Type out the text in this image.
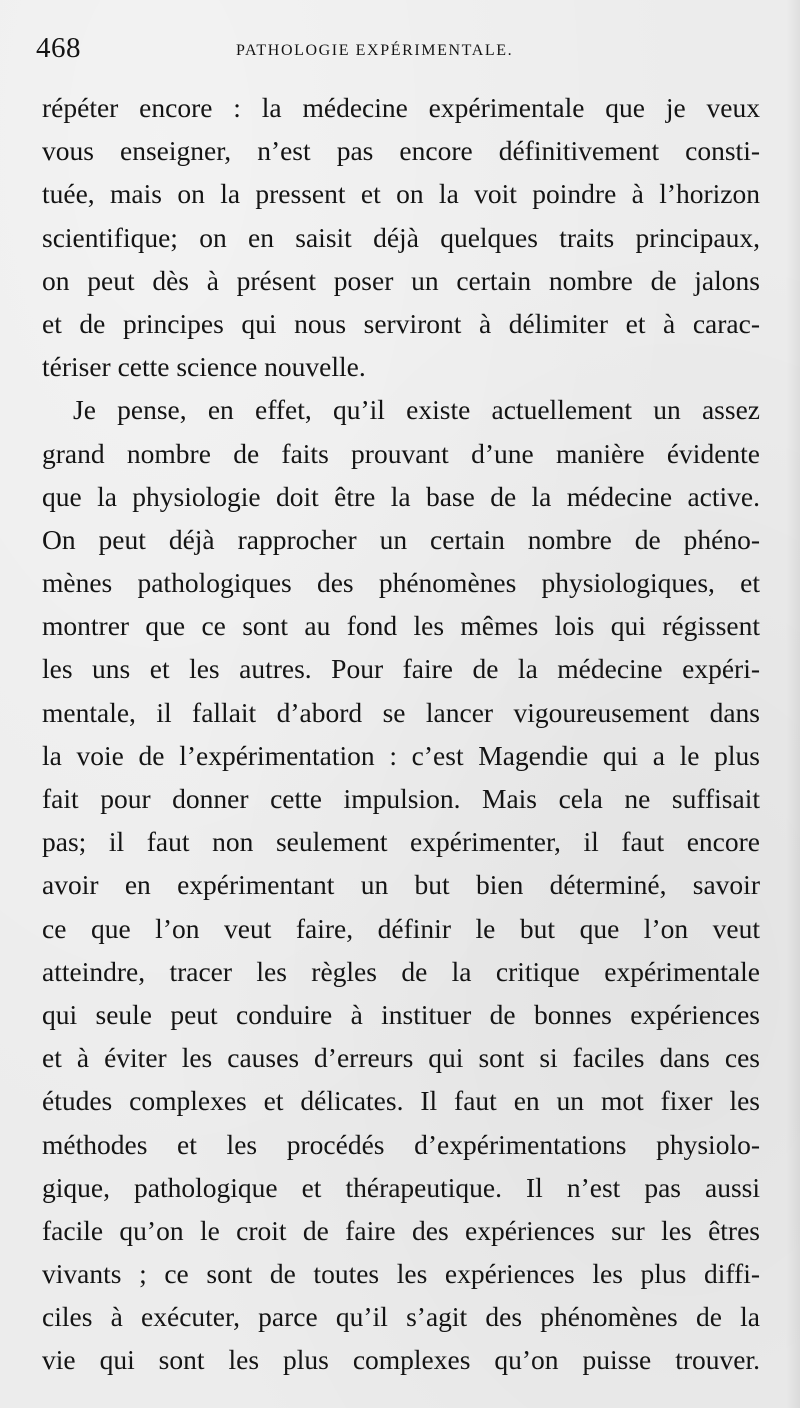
468	PATHOLOGIE EXPÉRIMENTALE.
répéter encore : la médecine expérimentale que je veux
vous enseigner, n’est pas encore définitivement consti-
tuée, mais on la pressent et on la voit poindre à l’horizon
scientifique; on en saisit déjà quelques traits principaux,
on peut dès à présent poser un certain nombre de jalons
et de principes qui nous serviront à délimiter et à carac-
tériser cette science nouvelle.
Je pense, en effet, qu’il existe actuellement un assez
grand nombre de faits prouvant d’une manière évidente
que la physiologie doit être la base de la médecine active.
On peut déjà rapprocher un certain nombre de phéno-
mènes pathologiques des phénomènes physiologiques, et
montrer que ce sont au fond les mêmes lois qui régissent
les uns et les autres. Pour faire de la médecine expéri-
mentale, il fallait d’abord se lancer vigoureusement dans
la voie de l’expérimentation : c’est Magendie qui a le plus
fait pour donner cette impulsion. Mais cela ne suffisait
pas; il faut non seulement expérimenter, il faut encore
avoir en expérimentant un but bien déterminé, savoir
ce que l’on veut faire, définir le but que l’on veut
atteindre, tracer les règles de la critique expérimentale
qui seule peut conduire à instituer de bonnes expériences
et à éviter les causes d’erreurs qui sont si faciles dans ces
études complexes et délicates. Il faut en un mot fixer les
méthodes et les procédés d’expérimentations physiolo-
gique, pathologique et thérapeutique. Il n’est pas aussi
facile qu’on le croit de faire des expériences sur les êtres
vivants ; ce sont de toutes les expériences les plus diffi-
ciles à exécuter, parce qu’il s’agit des phénomènes de la
vie qui sont les plus complexes qu’on puisse trouver.
